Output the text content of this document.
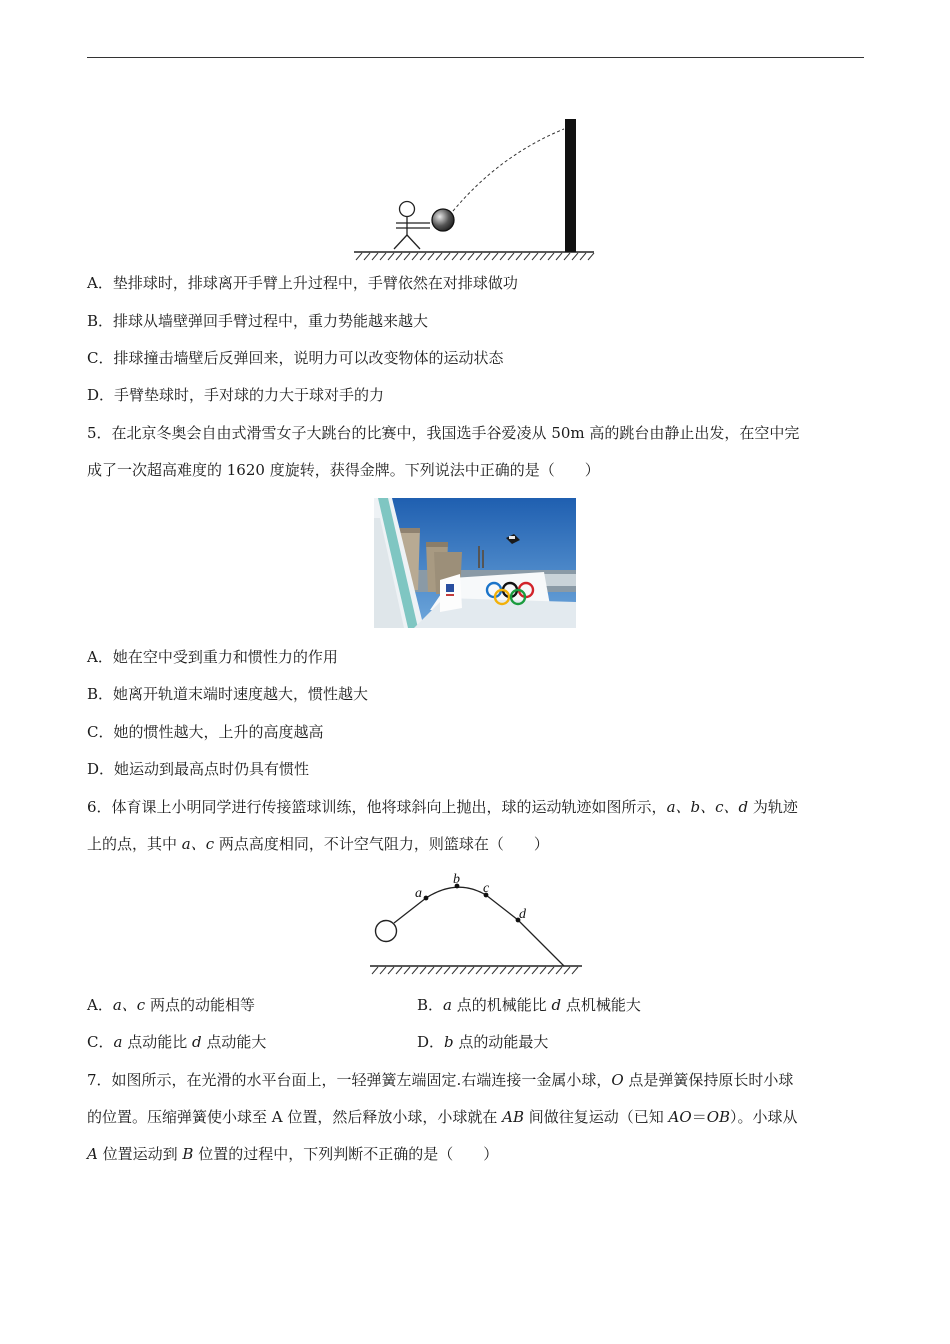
A．垫排球时，排球离开手臂上升过程中，手臂依然在对排球做功
B．排球从墙壁弹回手臂过程中，重力势能越来越大
C．排球撞击墙壁后反弹回来，说明力可以改变物体的运动状态
D．手臂垫球时，手对球的力大于球对手的力
5．在北京冬奥会自由式滑雪女子大跳台的比赛中，我国选手谷爱凌从 50m 高的跳台由静止出发，在空中完
成了一次超高难度的 1620 度旋转，获得金牌。下列说法中正确的是（　　）
A．她在空中受到重力和惯性力的作用
B．她离开轨道末端时速度越大，惯性越大
C．她的惯性越大，上升的高度越高
D．她运动到最高点时仍具有惯性
6．体育课上小明同学进行传接篮球训练，他将球斜向上抛出，球的运动轨迹如图所示，a、b、c、d 为轨迹
上的点，其中 a、c 两点高度相同，不计空气阻力，则篮球在（　　）
a
b
c
d
A．a、c 两点的动能相等	B．a 点的机械能比 d 点机械能大
C．a 点动能比 d 点动能大	D．b 点的动能最大
7．如图所示，在光滑的水平台面上，一轻弹簧左端固定.右端连接一金属小球，O 点是弹簧保持原长时小球
的位置。压缩弹簧使小球至 A 位置，然后释放小球，小球就在 AB 间做往复运动（已知 AO＝OB）。小球从
A 位置运动到 B 位置的过程中，下列判断不正确的是（　　）
